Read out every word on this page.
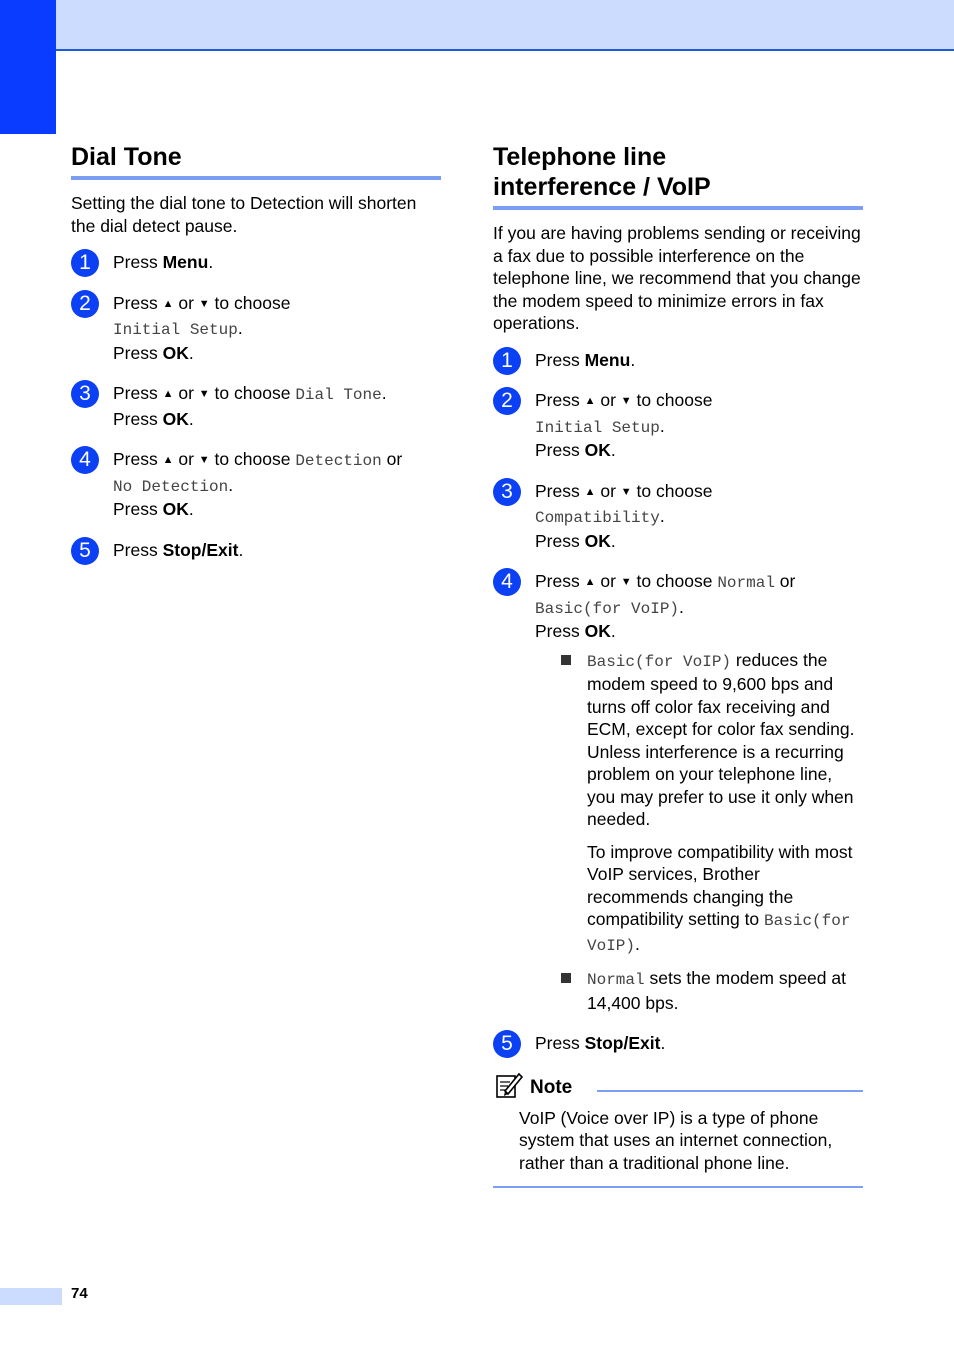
Dial Tone

Setting the dial tone to Detection will shorten the dial detect pause.

1	Press Menu.
2	Press ▲ or ▼ to choose
Initial Setup.
Press OK.
3	Press ▲ or ▼ to choose Dial Tone.
Press OK.
4	Press ▲ or ▼ to choose Detection or
No Detection.
Press OK.
5	Press Stop/Exit.
Telephone line
interference / VoIP

If you are having problems sending or receiving a fax due to possible interference on the telephone line, we recommend that you change the modem speed to minimize errors in fax operations.

1	Press Menu.
2	Press ▲ or ▼ to choose
Initial Setup.
Press OK.
3	Press ▲ or ▼ to choose
Compatibility.
Press OK.
4	Press ▲ or ▼ to choose Normal or
Basic(for VoIP).
Press OK.

Basic(for VoIP) reduces the modem speed to 9,600 bps and turns off color fax receiving and ECM, except for color fax sending. Unless interference is a recurring problem on your telephone line, you may prefer to use it only when needed.

To improve compatibility with most VoIP services, Brother recommends changing the compatibility setting to Basic(for VoIP).

Normal sets the modem speed at 14,400 bps.

5	Press Stop/Exit.
Note

VoIP (Voice over IP) is a type of phone system that uses an internet connection, rather than a traditional phone line.

74
